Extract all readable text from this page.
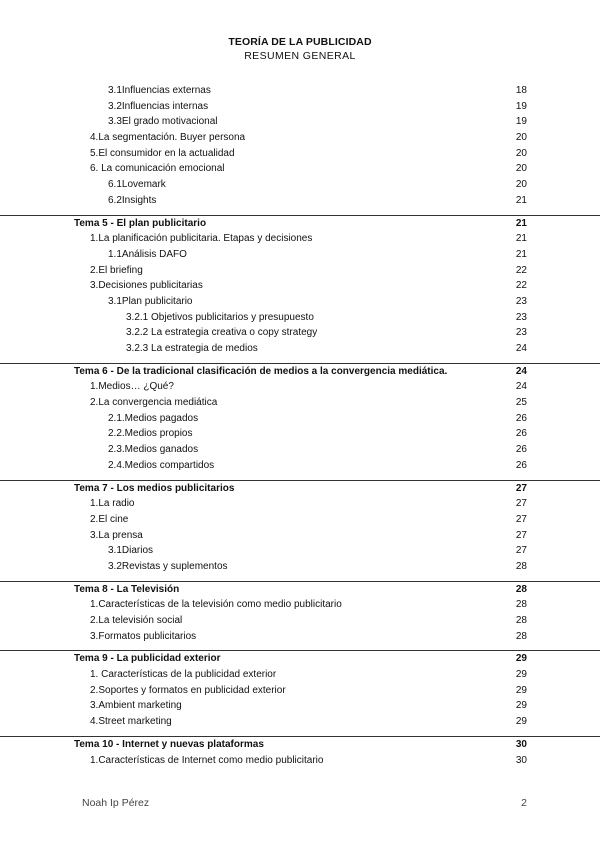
TEORÍA DE LA PUBLICIDAD
RESUMEN GENERAL
3.1Influencias externas	18
3.2Influencias internas	19
3.3El grado motivacional	19
4.La segmentación. Buyer persona	20
5.El consumidor en la actualidad	20
6. La comunicación emocional	20
6.1Lovemark	20
6.2Insights	21
Tema 5 - El plan publicitario	21
1.La planificación publicitaria. Etapas y decisiones	21
1.1Análisis DAFO	21
2.El briefing	22
3.Decisiones publicitarias	22
3.1Plan publicitario	23
3.2.1 Objetivos publicitarios y presupuesto	23
3.2.2 La estrategia creativa o copy strategy	23
3.2.3 La estrategia de medios	24
Tema 6 - De la tradicional clasificación de medios a la convergencia mediática.	24
1.Medios… ¿Qué?	24
2.La convergencia mediática	25
2.1.Medios pagados	26
2.2.Medios propios	26
2.3.Medios ganados	26
2.4.Medios compartidos	26
Tema 7 - Los medios publicitarios	27
1.La radio	27
2.El cine	27
3.La prensa	27
3.1Diarios	27
3.2Revistas y suplementos	28
Tema 8 - La Televisión	28
1.Características de la televisión como medio publicitario	28
2.La televisión social	28
3.Formatos publicitarios	28
Tema 9 - La publicidad exterior	29
1. Características de la publicidad exterior	29
2.Soportes y formatos en publicidad exterior	29
3.Ambient marketing	29
4.Street marketing	29
Tema 10 - Internet y nuevas plataformas	30
1.Características de Internet como medio publicitario	30
Noah Ip Pérez	2
